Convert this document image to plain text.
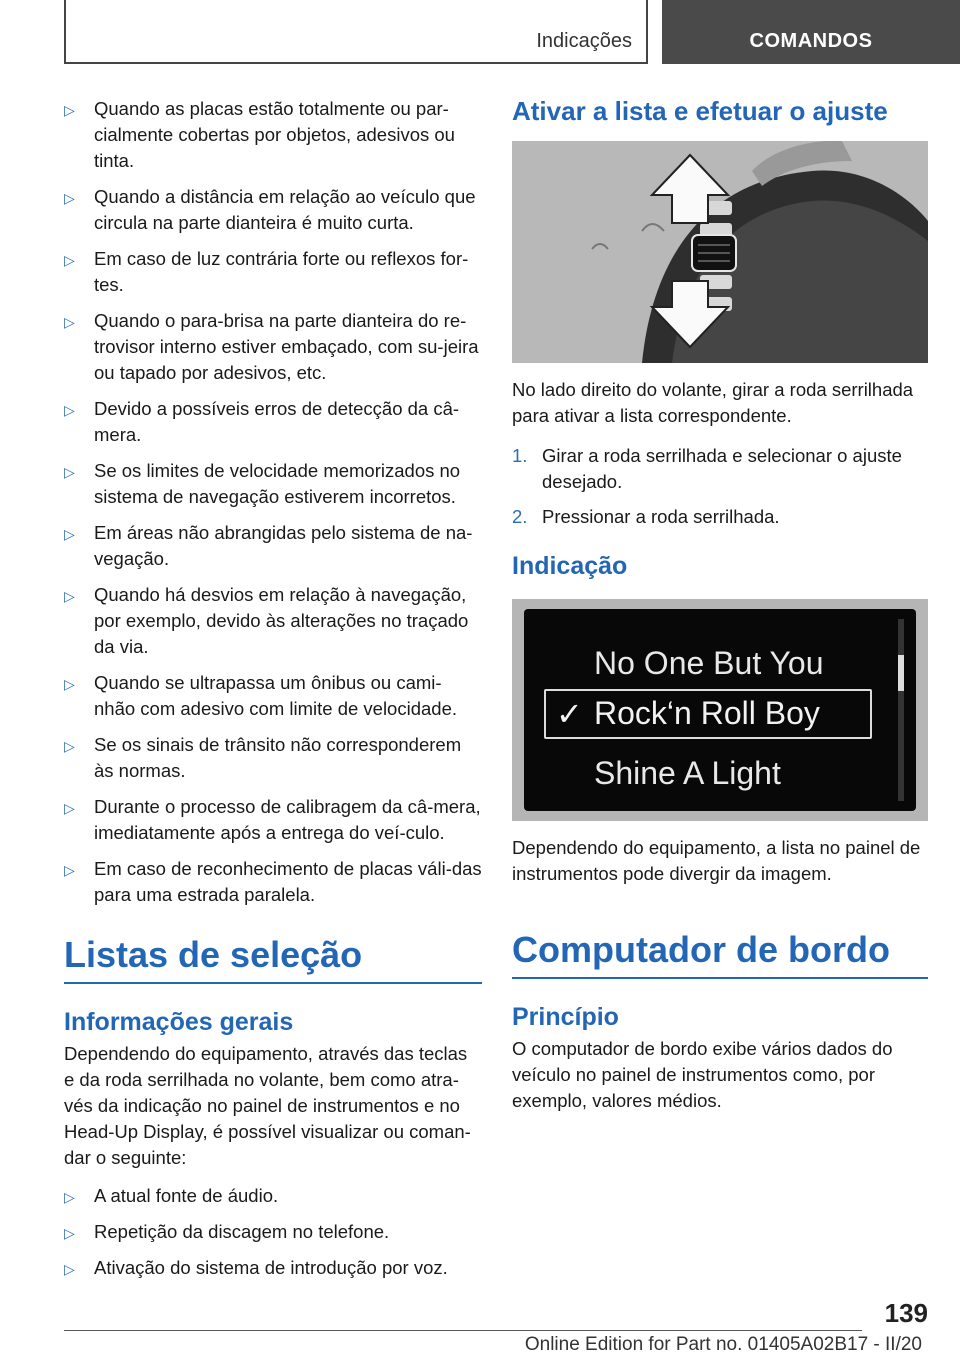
Indicações	COMANDOS
▷ Quando as placas estão totalmente ou par-cialmente cobertas por objetos, adesivos ou tinta.
▷ Quando a distância em relação ao veículo que circula na parte dianteira é muito curta.
▷ Em caso de luz contrária forte ou reflexos for-tes.
▷ Quando o para-brisa na parte dianteira do re-trovisor interno estiver embaçado, com su-jeira ou tapado por adesivos, etc.
▷ Devido a possíveis erros de detecção da câ-mera.
▷ Se os limites de velocidade memorizados no sistema de navegação estiverem incorretos.
▷ Em áreas não abrangidas pelo sistema de na-vegação.
▷ Quando há desvios em relação à navegação, por exemplo, devido às alterações no traçado da via.
▷ Quando se ultrapassa um ônibus ou cami-nhão com adesivo com limite de velocidade.
▷ Se os sinais de trânsito não corresponderem às normas.
▷ Durante o processo de calibragem da câ-mera, imediatamente após a entrega do veí-culo.
▷ Em caso de reconhecimento de placas váli-das para uma estrada paralela.
Listas de seleção
Informações gerais

Dependendo do equipamento, através das teclas e da roda serrilhada no volante, bem como atra-vés da indicação no painel de instrumentos e no Head-Up Display, é possível visualizar ou coman-dar o seguinte:

▷ A atual fonte de áudio.
▷ Repetição da discagem no telefone.
▷ Ativação do sistema de introdução por voz.
Ativar a lista e efetuar o ajuste

No lado direito do volante, girar a roda serrilhada para ativar a lista correspondente.

1. Girar a roda serrilhada e selecionar o ajuste desejado.
2. Pressionar a roda serrilhada.
Indicação
No One But You
✓ Rock‘n Roll Boy
Shine A Light

Dependendo do equipamento, a lista no painel de instrumentos pode divergir da imagem.

Computador de bordo
Princípio

O computador de bordo exibe vários dados do veículo no painel de instrumentos como, por exemplo, valores médios.

139
Online Edition for Part no. 01405A02B17 - II/20
